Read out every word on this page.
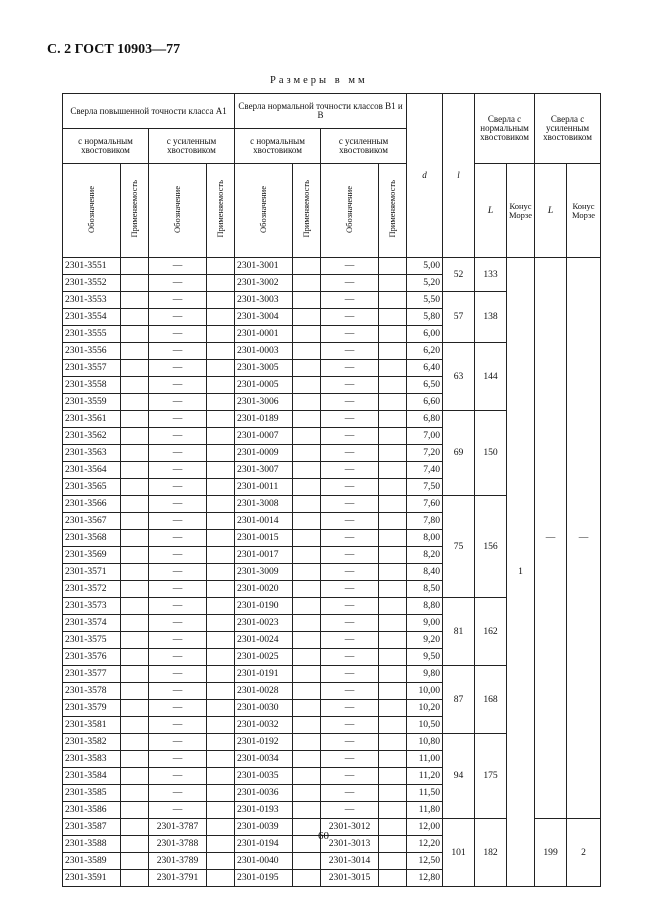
С. 2 ГОСТ 10903—77
Размеры в мм
Сверла повышенной точности класса А1				Сверла нормальной точности классов В1 и В				d	l	Сверла с нормальным хвостовиком		Сверла с усиленным хвостовиком	
с нормальным хвостовиком		с усиленным хвостовиком		с нормальным хвостовиком		с усиленным хвостовиком							
Обозначение	Применяемость	Обозначение	Применяемость	Обозначение	Применяемость	Обозначение	Применяемость			L	Конус Морзе	L	Конус Морзе
2301-3551		—		2301-3001		—		5,00	52	133	1	—	—
2301-3552		—		2301-3002		—		5,20					
2301-3553		—		2301-3003		—		5,50	57	138			
2301-3554		—		2301-3004		—		5,80					
2301-3555		—		2301-0001		—		6,00					
2301-3556		—		2301-0003		—		6,20	63	144			
2301-3557		—		2301-3005		—		6,40					
2301-3558		—		2301-0005		—		6,50					
2301-3559		—		2301-3006		—		6,60					
2301-3561		—		2301-0189		—		6,80	69	150			
2301-3562		—		2301-0007		—		7,00					
2301-3563		—		2301-0009		—		7,20					
2301-3564		—		2301-3007		—		7,40					
2301-3565		—		2301-0011		—		7,50					
2301-3566		—		2301-3008		—		7,60	75	156			
2301-3567		—		2301-0014		—		7,80					
2301-3568		—		2301-0015		—		8,00					
2301-3569		—		2301-0017		—		8,20					
2301-3571		—		2301-3009		—		8,40					
2301-3572		—		2301-0020		—		8,50					
2301-3573		—		2301-0190		—		8,80	81	162			
2301-3574		—		2301-0023		—		9,00					
2301-3575		—		2301-0024		—		9,20					
2301-3576		—		2301-0025		—		9,50					
2301-3577		—		2301-0191		—		9,80	87	168			
2301-3578		—		2301-0028		—		10,00					
2301-3579		—		2301-0030		—		10,20					
2301-3581		—		2301-0032		—		10,50					
2301-3582		—		2301-0192		—		10,80	94	175			
2301-3583		—		2301-0034		—		11,00					
2301-3584		—		2301-0035		—		11,20					
2301-3585		—		2301-0036		—		11,50					
2301-3586		—		2301-0193		—		11,80					
2301-3587		2301-3787		2301-0039		2301-3012		12,00	101	182		199	2
2301-3588		2301-3788		2301-0194		2301-3013		12,20					
2301-3589		2301-3789		2301-0040		2301-3014		12,50					
2301-3591		2301-3791		2301-0195		2301-3015		12,80					
60
